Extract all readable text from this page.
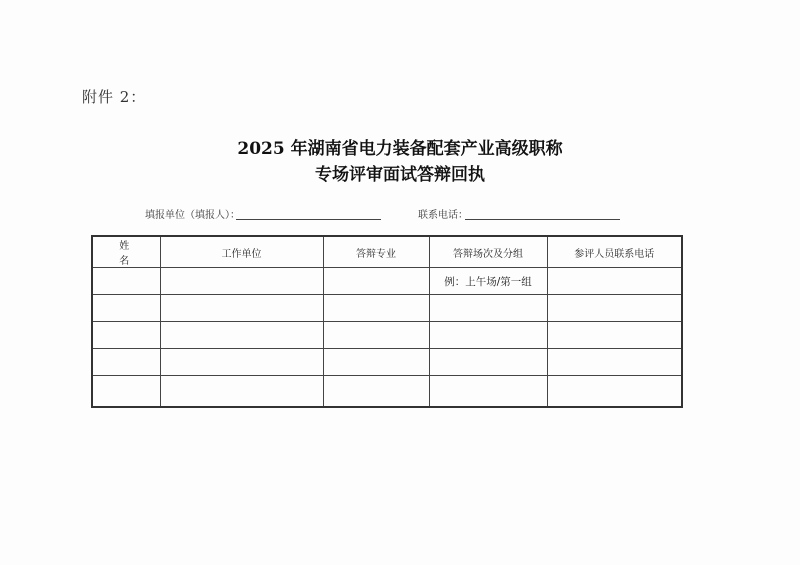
附件 2：
2025 年湖南省电力装备配套产业高级职称
专场评审面试答辩回执
填报单位（填报人）：	联系电话：
姓 名	工作单位	答辩专业	答辩场次及分组	参评人员联系电话
			例：上午场/第一组	
